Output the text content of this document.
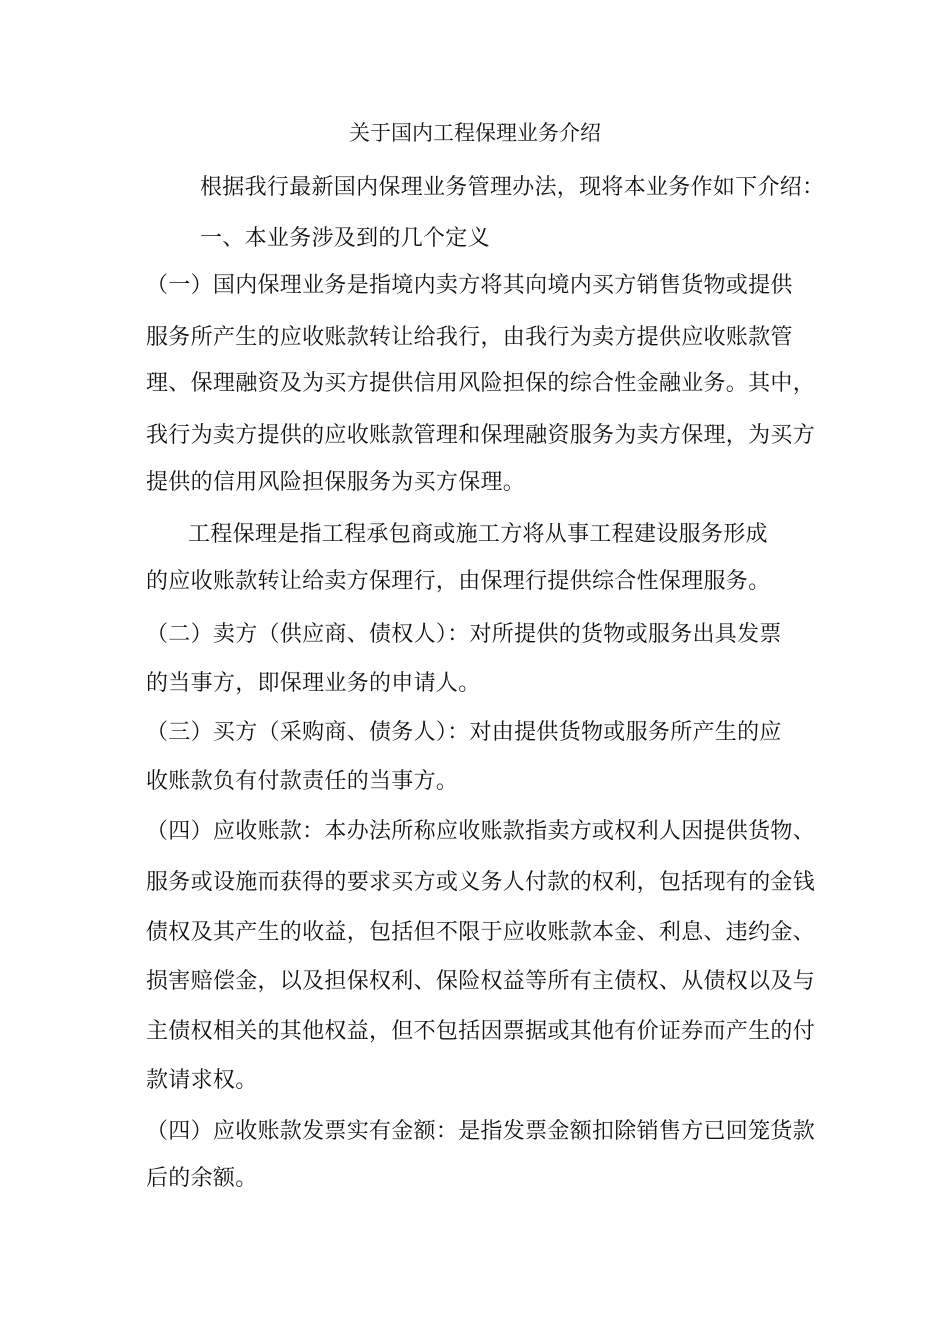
关于国内工程保理业务介绍
根据我行最新国内保理业务管理办法，现将本业务作如下介绍：
一、本业务涉及到的几个定义
（一）国内保理业务是指境内卖方将其向境内买方销售货物或提供
服务所产生的应收账款转让给我行，由我行为卖方提供应收账款管
理、保理融资及为买方提供信用风险担保的综合性金融业务。其中，
我行为卖方提供的应收账款管理和保理融资服务为卖方保理，为买方
提供的信用风险担保服务为买方保理。
工程保理是指工程承包商或施工方将从事工程建设服务形成
的应收账款转让给卖方保理行，由保理行提供综合性保理服务。
（二）卖方（供应商、债权人）：对所提供的货物或服务出具发票
的当事方，即保理业务的申请人。
（三）买方（采购商、债务人）：对由提供货物或服务所产生的应
收账款负有付款责任的当事方。
（四）应收账款：本办法所称应收账款指卖方或权利人因提供货物、
服务或设施而获得的要求买方或义务人付款的权利，包括现有的金钱
债权及其产生的收益，包括但不限于应收账款本金、利息、违约金、
损害赔偿金，以及担保权利、保险权益等所有主债权、从债权以及与
主债权相关的其他权益，但不包括因票据或其他有价证券而产生的付
款请求权。
（四）应收账款发票实有金额：是指发票金额扣除销售方已回笼货款
后的余额。
